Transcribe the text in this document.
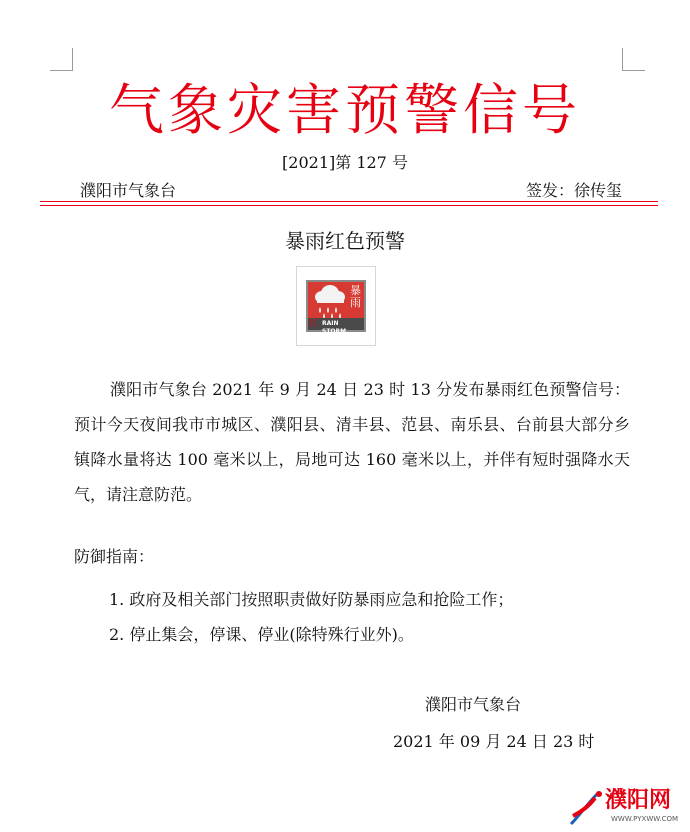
气象灾害预警信号
[2021]第 127 号
濮阳市气象台	签发：徐传玺
暴雨红色预警
暴
雨
红 RAIN STORM
濮阳市气象台 2021 年 9 月 24 日 23 时 13 分发布暴雨红色预警信号：预计今天夜间我市市城区、濮阳县、清丰县、范县、南乐县、台前县大部分乡镇降水量将达 100 毫米以上，局地可达 160 毫米以上，并伴有短时强降水天气，请注意防范。
防御指南：
1. 政府及相关部门按照职责做好防暴雨应急和抢险工作；
2. 停止集会，停课、停业(除特殊行业外)。
濮阳市气象台
2021 年 09 月 24 日 23 时
濮阳网
WWW.PYXWW.COM
